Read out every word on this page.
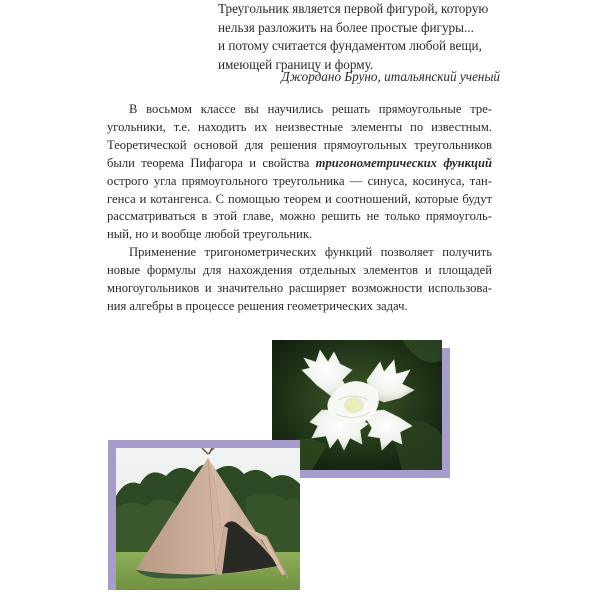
Треугольник является первой фигурой, которую
нельзя разложить на более простые фигуры...
и потому считается фундаментом любой вещи,
имеющей границу и форму.
Джордано Бруно, итальянский ученый
В восьмом классе вы научились решать прямоугольные тре-
угольники, т.е. находить их неизвестные элементы по известным.
Теоретической основой для решения прямоугольных треугольников
были теорема Пифагора и свойства тригонометрических функций
острого угла прямоугольного треугольника — синуса, косинуса, тан-
генса и котангенса. С помощью теорем и соотношений, которые будут
рассматриваться в этой главе, можно решить не только прямоуголь-
ный, но и вообще любой треугольник.
Применение тригонометрических функций позволяет получить
новые формулы для нахождения отдельных элементов и площадей
многоугольников и значительно расширяет возможности использова-
ния алгебры в процессе решения геометрических задач.
